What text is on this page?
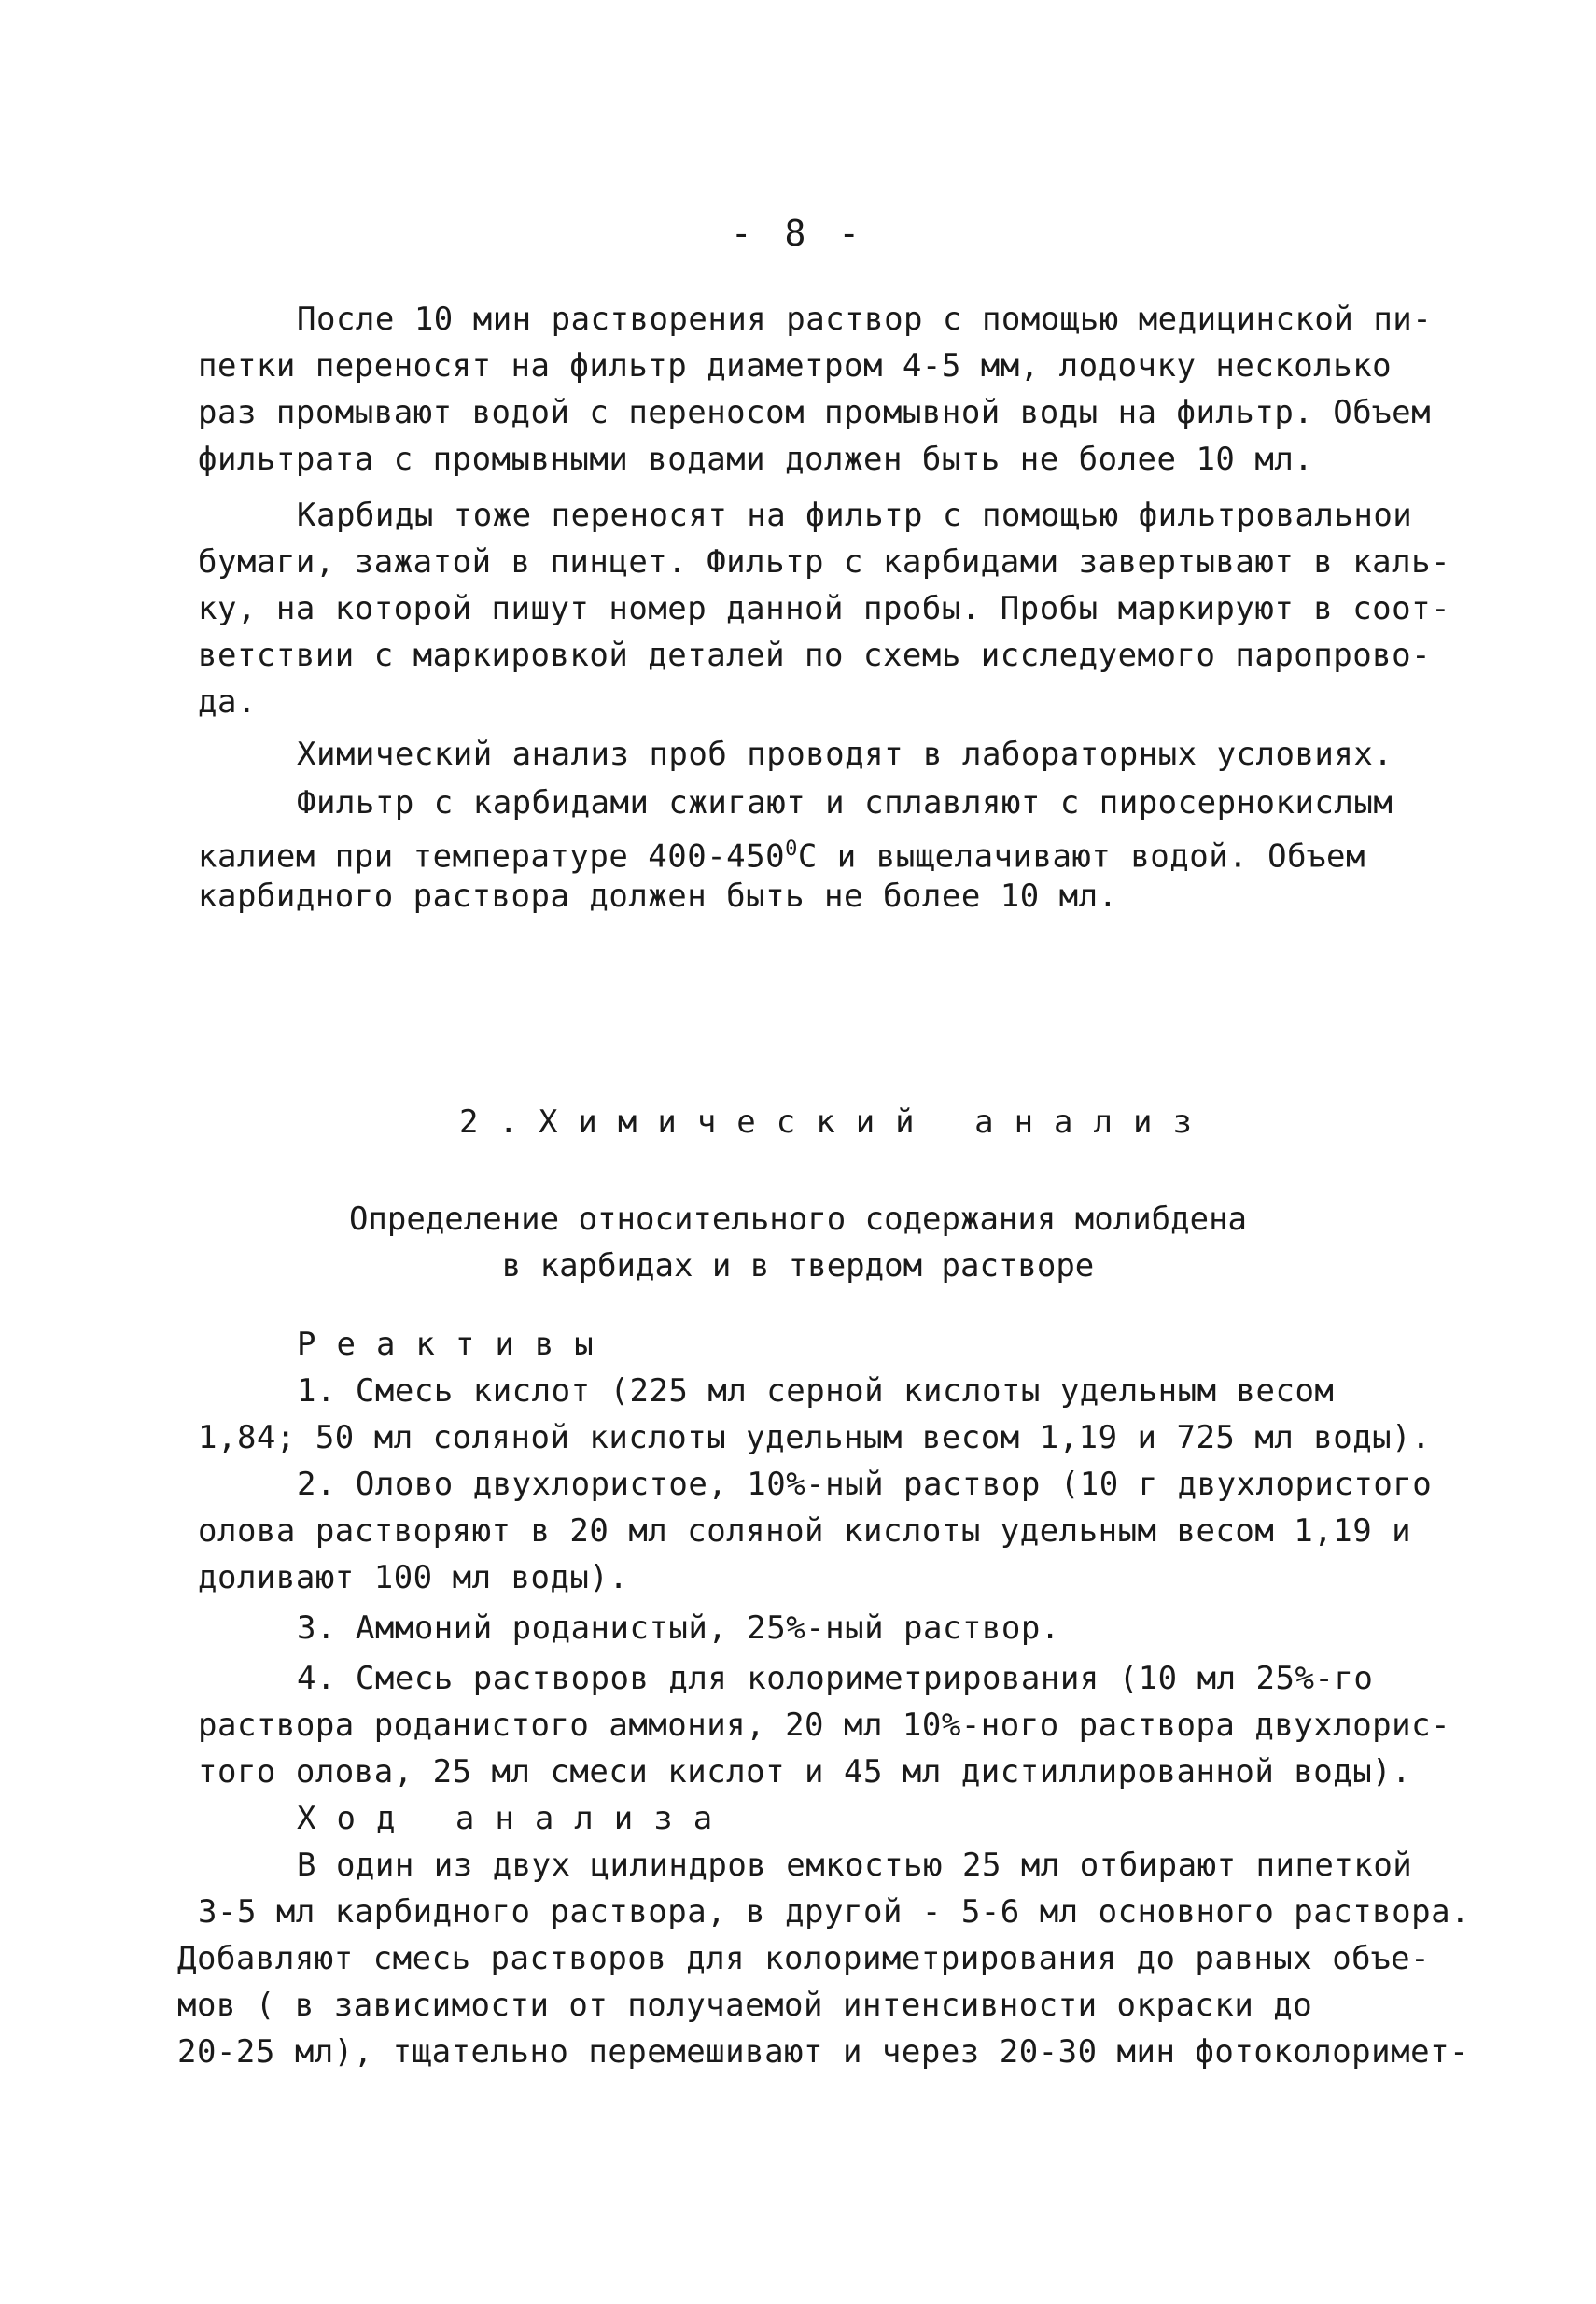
- 8 -
После 10 мин растворения раствор с помощью медицинской пи-
петки переносят на фильтр диаметром 4-5 мм, лодочку несколько
раз промывают водой с переносом промывной воды на фильтр. Объем
фильтрата с промывными водами должен быть не более 10 мл.
Карбиды тоже переносят на фильтр с помощью фильтровальнои
бумаги, зажатой в пинцет. Фильтр с карбидами завертывают в каль-
ку, на которой пишут номер данной пробы. Пробы маркируют в соот-
ветствии с маркировкой деталей по схемь исследуемого паропрово-
да.
Химический анализ проб проводят в лабораторных условиях.
Фильтр с карбидами сжигают и сплавляют с пиросернокислым
калием при температуре $400-450^0С$ и выщелачивают водой. Объем
карбидного раствора должен быть не более 10 мл.
2.Химический анализ
Определение относительного содержания молибдена
в карбидах и в твердом растворе
Реактивы
1. Смесь кислот (225 мл серной кислоты удельным весом
1,84; 50 мл соляной кислоты удельным весом 1,19 и 725 мл воды).
2. Олово двухлористое, 10%-ный раствор (10 г двухлористого
олова растворяют в 20 мл соляной кислоты удельным весом 1,19 и
доливают 100 мл воды).
3. Аммоний роданистый, 25%-ный раствор.
4. Смесь растворов для колориметрирования (10 мл 25%-го
раствора роданистого аммония, 20 мл 10%-ного раствора двухлорис-
того олова, 25 мл смеси кислот и 45 мл дистиллированной воды).
Ход анализа
В один из двух цилиндров емкостью 25 мл отбирают пипеткой
3-5 мл карбидного раствора, в другой - 5-6 мл основного раствора.
Добавляют смесь растворов для колориметрирования до равных объе-
мов ( в зависимости от получаемой интенсивности окраски до
20-25 мл), тщательно перемешивают и через 20-30 мин фотоколоримет-
